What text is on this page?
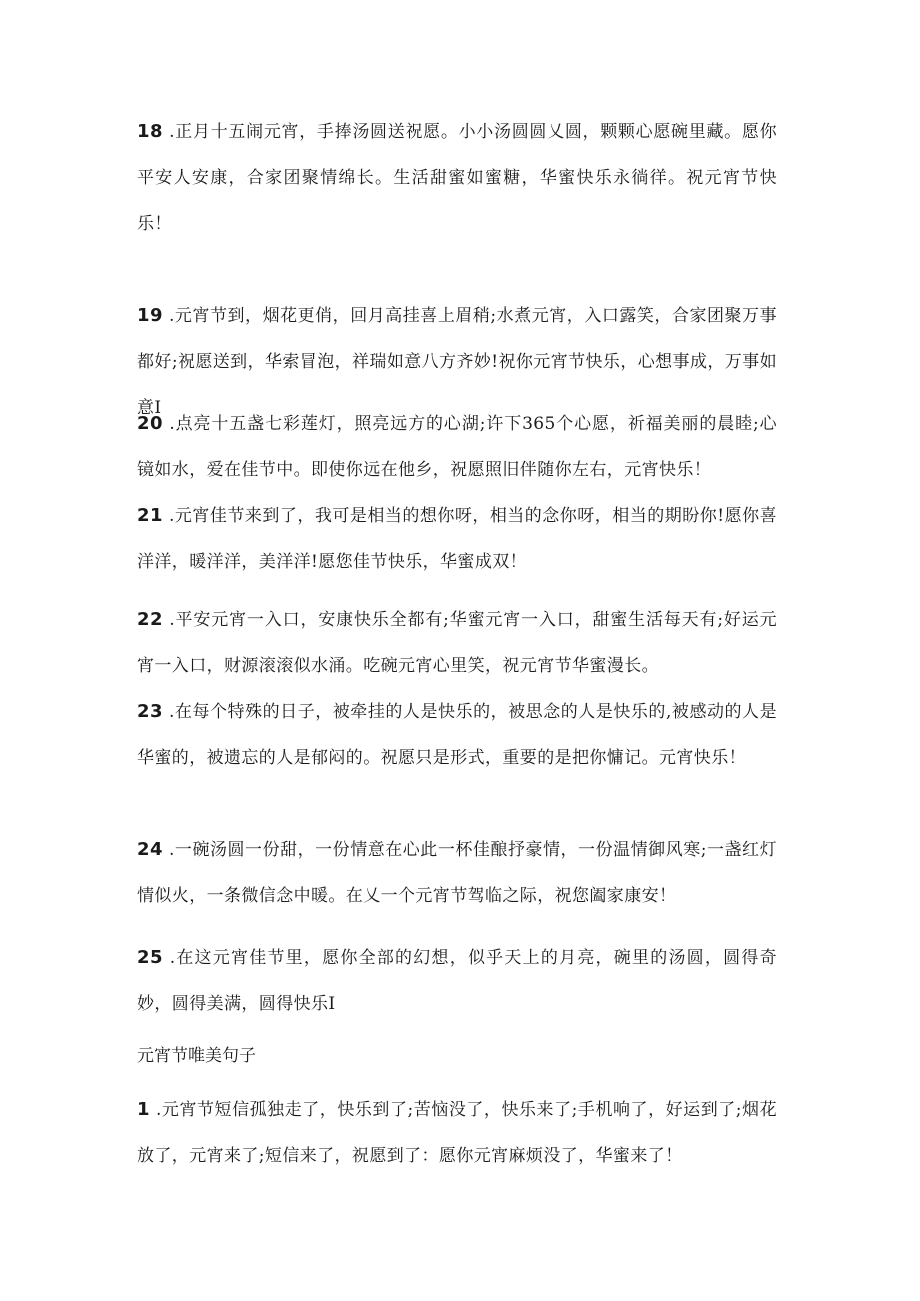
18 .正月十五闹元宵，手捧汤圆送祝愿。小小汤圆圆乂圆，颗颗心愿碗里藏。愿你平安人安康，合家团聚情绵长。生活甜蜜如蜜糖，华蜜快乐永徜徉。祝元宵节快乐！

19 .元宵节到，烟花更俏，回月高挂喜上眉稍;水煮元宵，入口露笑，合家团聚万事都好;祝愿送到，华索冒泡，祥瑞如意八方齐妙!祝你元宵节快乐，心想事成，万事如意I

20 .点亮十五盏七彩莲灯，照亮远方的心湖;许下365个心愿，祈福美丽的晨睦;心镜如水，爱在佳节中。即使你远在他乡，祝愿照旧伴随你左右，元宵快乐！

21 .元宵佳节来到了，我可是相当的想你呀，相当的念你呀，相当的期盼你!愿你喜洋洋，暖洋洋，美洋洋!愿您佳节快乐，华蜜成双！

22 .平安元宵一入口，安康快乐全都有;华蜜元宵一入口，甜蜜生活每天有;好运元宵一入口，财源滚滚似水涌。吃碗元宵心里笑，祝元宵节华蜜漫长。

23 .在每个特殊的日子，被牵挂的人是快乐的，被思念的人是快乐的,被感动的人是华蜜的，被遗忘的人是郁闷的。祝愿只是形式，重要的是把你慵记。元宵快乐！

24 .一碗汤圆一份甜，一份情意在心此一杯佳酿抒豪情，一份温情御风寒;一盏红灯情似火，一条微信念中暖。在乂一个元宵节驾临之际，祝您阖家康安！

25 .在这元宵佳节里，愿你全部的幻想，似乎天上的月亮，碗里的汤圆，圆得奇妙，圆得美满，圆得快乐I

元宵节唯美句子

1 .元宵节短信孤独走了，快乐到了;苦恼没了，快乐来了;手机响了，好运到了;烟花放了，元宵来了;短信来了，祝愿到了：愿你元宵麻烦没了，华蜜来了！
